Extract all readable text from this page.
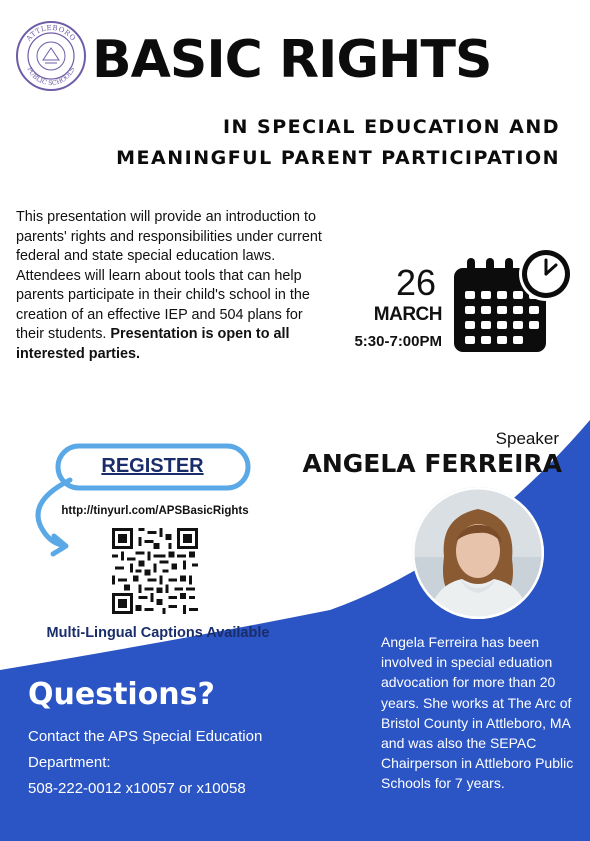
ATTLEBORO
PUBLIC SCHOOLS BASIC RIGHTS
IN SPECIAL EDUCATION AND
MEANINGFUL PARENT PARTICIPATION
This presentation will provide an introduction to parents' rights and responsibilities under current federal and state special education laws. Attendees will learn about tools that can help parents participate in their child's school in the creation of an effective IEP and 504 plans for their students. Presentation is open to all interested parties.
26
MARCH
5:30-7:00PM
REGISTER
http://tinyurl.com/APSBasicRights
Multi-Lingual Captions Available
Speaker
ANGELA FERREIRA
Angela Ferreira has been involved in special eduation advocation for more than 20 years. She works at The Arc of Bristol County in Attleboro, MA and was also the SEPAC Chairperson in Attleboro Public Schools for 7 years.
Questions?
Contact the APS Special Education
Department:
508-222-0012 x10057 or x10058
